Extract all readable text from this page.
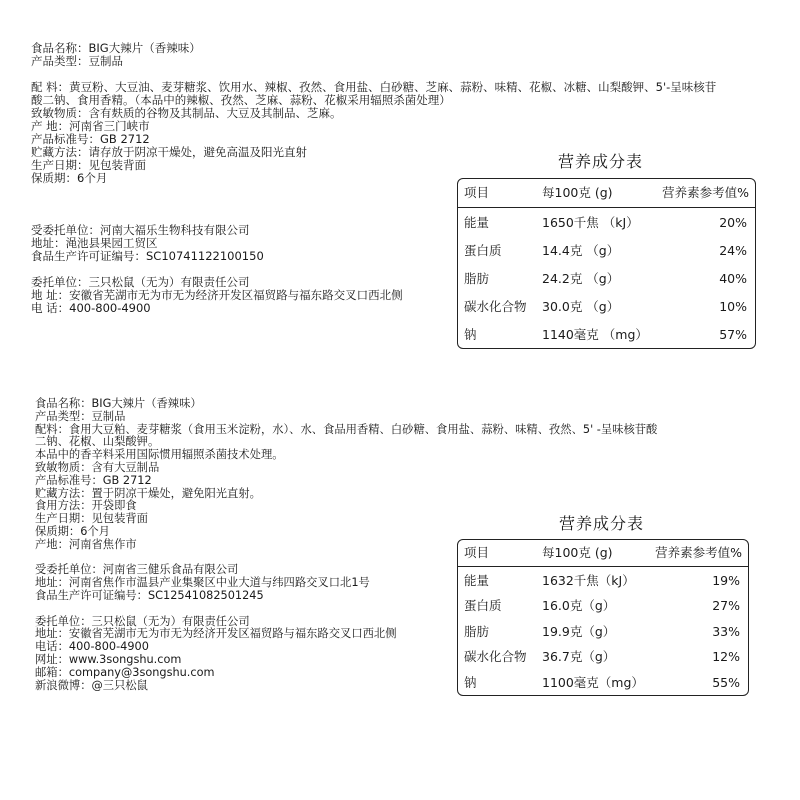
食品名称：BIG大辣片（香辣味）
产品类型：豆制品
配 料：黄豆粉、大豆油、麦芽糖浆、饮用水、辣椒、孜然、食用盐、白砂糖、芝麻、蒜粉、味精、花椒、冰糖、山梨酸钾、5'-呈味核苷
酸二钠、食用香精。（本品中的辣椒、孜然、芝麻、蒜粉、花椒采用辐照杀菌处理）
致敏物质：含有麸质的谷物及其制品、大豆及其制品、芝麻。
产 地：河南省三门峡市
产品标准号：GB 2712
贮藏方法：请存放于阴凉干燥处，避免高温及阳光直射
生产日期：见包装背面
保质期：6个月
受委托单位：河南大福乐生物科技有限公司
地址：渑池县果园工贸区
食品生产许可证编号：SC10741122100150
委托单位：三只松鼠（无为）有限责任公司
地 址：安徽省芜湖市无为市无为经济开发区福贸路与福东路交叉口西北侧
电 话：400-800-4900
营养成分表
项目	每100克 (g)	营养素参考值%
能量	1650千焦 （kJ）	20%
蛋白质	14.4克 （g）	24%
脂肪	24.2克 （g）	40%
碳水化合物 30.0克 （g）	10%
钠	1140毫克 （mg）	57%
食品名称：BIG大辣片（香辣味）
产品类型：豆制品
配料：食用大豆粕、麦芽糖浆（食用玉米淀粉，水）、水、食品用香精、白砂糖、食用盐、蒜粉、味精、孜然、5' -呈味核苷酸
二钠、花椒、山梨酸钾。
本品中的香辛料采用国际惯用辐照杀菌技术处理。
致敏物质：含有大豆制品
产品标准号：GB 2712
贮藏方法：置于阴凉干燥处，避免阳光直射。
食用方法：开袋即食
生产日期：见包装背面
保质期：6个月
产地：河南省焦作市
受委托单位：河南省三健乐食品有限公司
地址：河南省焦作市温县产业集聚区中业大道与纬四路交叉口北1号
食品生产许可证编号：SC12541082501245
委托单位：三只松鼠（无为）有限责任公司
地址：安徽省芜湖市无为市无为经济开发区福贸路与福东路交叉口西北侧
电话：400-800-4900
网址：www.3songshu.com
邮箱：company@3songshu.com
新浪微博：@三只松鼠
营养成分表
项目	每100克 (g)	营养素参考值%
能量	1632千焦（kJ）	19%
蛋白质	16.0克（g）	27%
脂肪	19.9克（g）	33%
碳水化合物 36.7克（g）	12%
钠	1100毫克（mg）	55%
